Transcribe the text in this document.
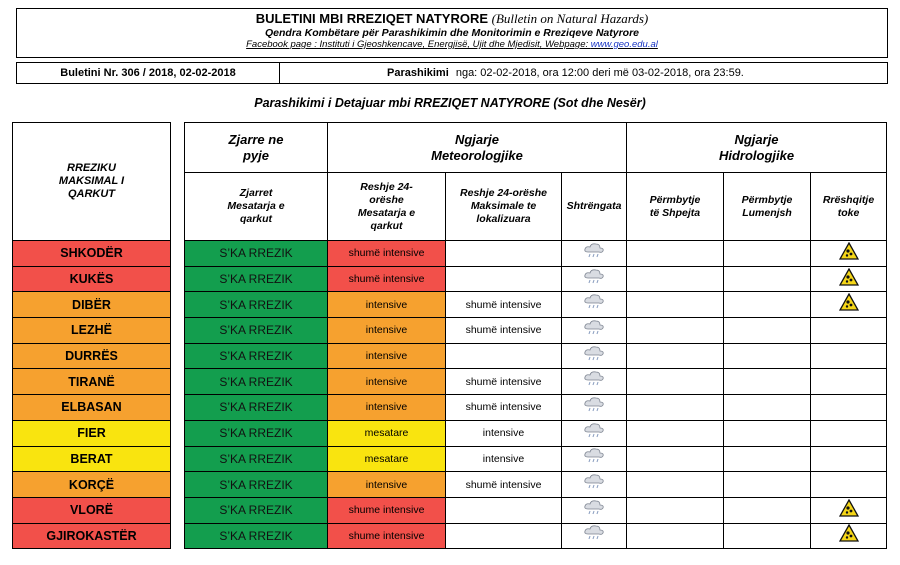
BULETINI MBI RREZIQET NATYRORE (Bulletin on Natural Hazards)
Qendra Kombëtare për Parashikimin dhe Monitorimin e Rreziqeve Natyrore
Facebook page : Instituti i Gjeoshkencave, Energjisë, Ujit dhe Mjedisit, Webpage: www.geo.edu.al
Buletini Nr. 306 / 2018, 02-02-2018	Parashikimi nga: 02-02-2018, ora 12:00 deri më 03-02-2018, ora 23:59.
Parashikimi i Detajuar mbi RREZIQET NATYRORE (Sot dhe Nesër)
RREZIKU MAKSIMAL I QARKUT		Zjarre ne pyje	Ngjarje Meteorologjike			Ngjarje Hidrologjike		

		Zjarret Mesatarja e qarkut	Reshje 24-orëshe Mesatarja e qarkut	Reshje 24-orëshe Maksimale te lokalizuara	Shtrëngata	Përmbytje të Shpejta	Përmbytje Lumenjsh	Rrëshqitje toke

SHKODËR		S’KA RREZIK	shumë intensive					
KUKËS		S’KA RREZIK	shumë intensive					
DIBËR		S’KA RREZIK	intensive	shumë intensive				
LEZHË		S’KA RREZIK	intensive	shumë intensive				
DURRËS		S’KA RREZIK	intensive					
TIRANË		S’KA RREZIK	intensive	shumë intensive				
ELBASAN		S’KA RREZIK	intensive	shumë intensive				
FIER		S’KA RREZIK	mesatare	intensive				
BERAT		S’KA RREZIK	mesatare	intensive				
KORÇË		S’KA RREZIK	intensive	shumë intensive				
VLORË		S’KA RREZIK	shume intensive					
GJIROKASTËR		S’KA RREZIK	shume intensive					
